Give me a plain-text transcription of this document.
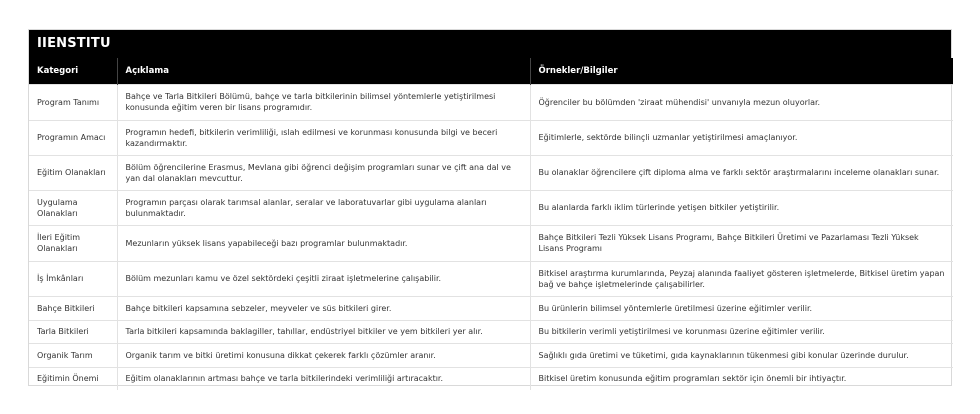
IIENSTITU
Kategori	Açıklama	Örnekler/Bilgiler
Program Tanımı	Bahçe ve Tarla Bitkileri Bölümü, bahçe ve tarla bitkilerinin bilimsel yöntemlerle yetiştirilmesi konusunda eğitim veren bir lisans programıdır.	Öğrenciler bu bölümden 'ziraat mühendisi' unvanıyla mezun oluyorlar.
Programın Amacı	Programın hedefi, bitkilerin verimliliği, ıslah edilmesi ve korunması konusunda bilgi ve beceri kazandırmaktır.	Eğitimlerle, sektörde bilinçli uzmanlar yetiştirilmesi amaçlanıyor.
Eğitim Olanakları	Bölüm öğrencilerine Erasmus, Mevlana gibi öğrenci değişim programları sunar ve çift ana dal ve yan dal olanakları mevcuttur.	Bu olanaklar öğrencilere çift diploma alma ve farklı sektör araştırmalarını inceleme olanakları sunar.
Uygulama Olanakları	Programın parçası olarak tarımsal alanlar, seralar ve laboratuvarlar gibi uygulama alanları bulunmaktadır.	Bu alanlarda farklı iklim türlerinde yetişen bitkiler yetiştirilir.
İleri Eğitim Olanakları	Mezunların yüksek lisans yapabileceği bazı programlar bulunmaktadır.	Bahçe Bitkileri Tezli Yüksek Lisans Programı, Bahçe Bitkileri Üretimi ve Pazarlaması Tezli Yüksek Lisans Programı
İş İmkânları	Bölüm mezunları kamu ve özel sektördeki çeşitli ziraat işletmelerine çalışabilir.	Bitkisel araştırma kurumlarında, Peyzaj alanında faaliyet gösteren işletmelerde, Bitkisel üretim yapan bağ ve bahçe işletmelerinde çalışabilirler.
Bahçe Bitkileri	Bahçe bitkileri kapsamına sebzeler, meyveler ve süs bitkileri girer.	Bu ürünlerin bilimsel yöntemlerle üretilmesi üzerine eğitimler verilir.
Tarla Bitkileri	Tarla bitkileri kapsamında baklagiller, tahıllar, endüstriyel bitkiler ve yem bitkileri yer alır.	Bu bitkilerin verimli yetiştirilmesi ve korunması üzerine eğitimler verilir.
Organik Tarım	Organik tarım ve bitki üretimi konusuna dikkat çekerek farklı çözümler aranır.	Sağlıklı gıda üretimi ve tüketimi, gıda kaynaklarının tükenmesi gibi konular üzerinde durulur.
Eğitimin Önemi	Eğitim olanaklarının artması bahçe ve tarla bitkilerindeki verimliliği artıracaktır.	Bitkisel üretim konusunda eğitim programları sektör için önemli bir ihtiyaçtır.
